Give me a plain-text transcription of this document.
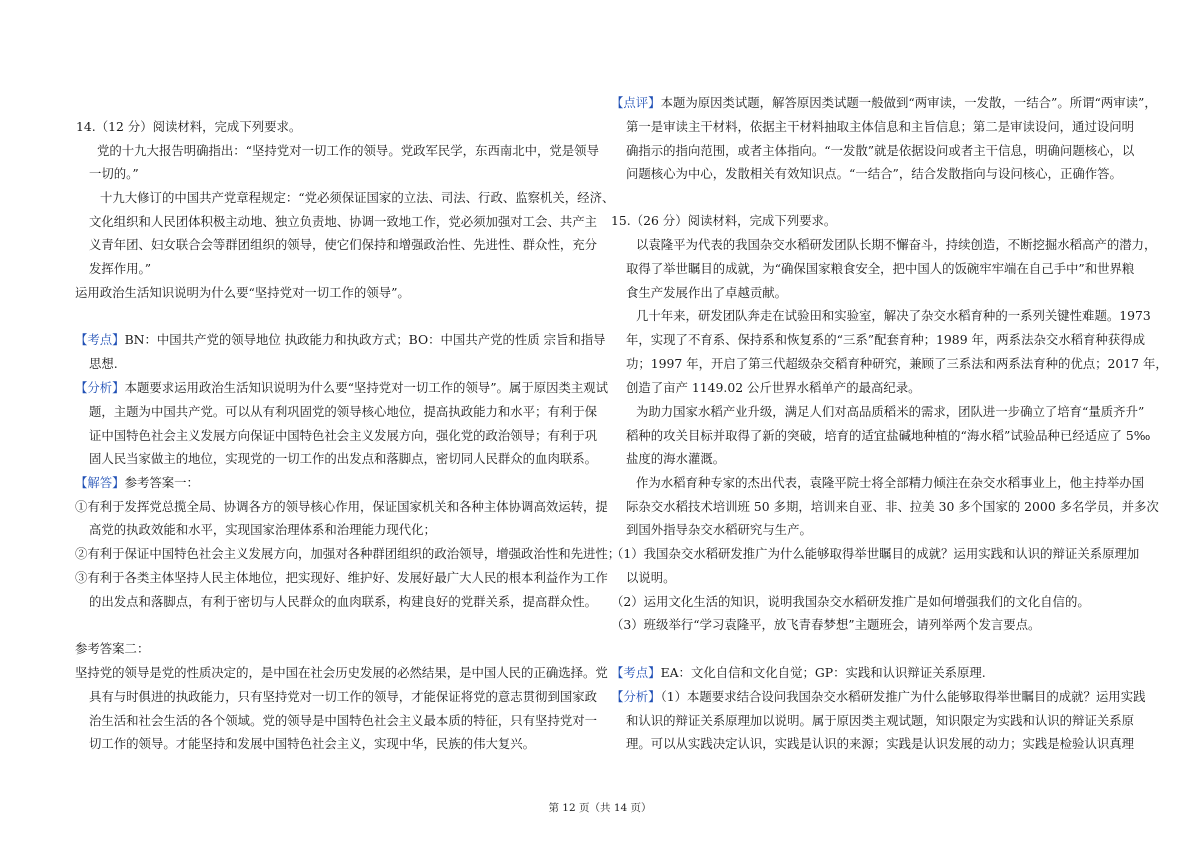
14.（12 分）阅读材料，完成下列要求。
党的十九大报告明确指出：“坚持党对一切工作的领导。党政军民学，东西南北中，党是领导
一切的。”
十九大修订的中国共产党章程规定：“党必须保证国家的立法、司法、行政、监察机关，经济、
文化组织和人民团体积极主动地、独立负责地、协调一致地工作，党必须加强对工会、共产主
义青年团、妇女联合会等群团组织的领导，使它们保持和增强政治性、先进性、群众性，充分
发挥作用。”
运用政治生活知识说明为什么要“坚持党对一切工作的领导”。
【考点】BN：中国共产党的领导地位 执政能力和执政方式；BO：中国共产党的性质 宗旨和指导
思想.
【分析】本题要求运用政治生活知识说明为什么要“坚持党对一切工作的领导”。属于原因类主观试
题，主题为中国共产党。可以从有利巩固党的领导核心地位，提高执政能力和水平；有利于保
证中国特色社会主义发展方向保证中国特色社会主义发展方向，强化党的政治领导；有利于巩
固人民当家做主的地位，实现党的一切工作的出发点和落脚点，密切同人民群众的血肉联系。
【解答】参考答案一：
①有利于发挥党总揽全局、协调各方的领导核心作用，保证国家机关和各种主体协调高效运转，提
高党的执政效能和水平，实现国家治理体系和治理能力现代化；
②有利于保证中国特色社会主义发展方向，加强对各种群团组织的政治领导，增强政治性和先进性；
③有利于各类主体坚持人民主体地位，把实现好、维护好、发展好最广大人民的根本利益作为工作
的出发点和落脚点，有利于密切与人民群众的血肉联系，构建良好的党群关系，提高群众性。
参考答案二：
坚持党的领导是党的性质决定的，是中国在社会历史发展的必然结果，是中国人民的正确选择。党
具有与时俱进的执政能力，只有坚持党对一切工作的领导，才能保证将党的意志贯彻到国家政
治生活和社会生活的各个领域。党的领导是中国特色社会主义最本质的特征，只有坚持党对一
切工作的领导。才能坚持和发展中国特色社会主义，实现中华，民族的伟大复兴。
【点评】本题为原因类试题，解答原因类试题一般做到“两审读，一发散，一结合”。所谓“两审读”，
第一是审读主干材料，依据主干材料抽取主体信息和主旨信息；第二是审读设问，通过设问明
确指示的指向范围，或者主体指向。“一发散”就是依据设问或者主干信息，明确问题核心，以
问题核心为中心，发散相关有效知识点。“一结合”，结合发散指向与设问核心，正确作答。
15.（26 分）阅读材料，完成下列要求。
以袁隆平为代表的我国杂交水稻研发团队长期不懈奋斗，持续创造，不断挖掘水稻高产的潜力，
取得了举世瞩目的成就，为“确保国家粮食安全，把中国人的饭碗牢牢端在自己手中”和世界粮
食生产发展作出了卓越贡献。
几十年来，研发团队奔走在试验田和实验室，解决了杂交水稻育种的一系列关键性难题。1973
年，实现了不育系、保持系和恢复系的“三系”配套育种；1989 年，两系法杂交水稻育种获得成
功；1997 年，开启了第三代超级杂交稻育种研究，兼顾了三系法和两系法育种的优点；2017 年，
创造了亩产 1149.02 公斤世界水稻单产的最高纪录。
为助力国家水稻产业升级，满足人们对高品质稻米的需求，团队进一步确立了培育“量质齐升”
稻种的攻关目标并取得了新的突破，培育的适宜盐碱地种植的“海水稻”试验品种已经适应了 5‰
盐度的海水灌溉。
作为水稻育种专家的杰出代表，袁隆平院士将全部精力倾注在杂交水稻事业上，他主持举办国
际杂交水稻技术培训班 50 多期，培训来自亚、非、拉美 30 多个国家的 2000 多名学员，并多次
到国外指导杂交水稻研究与生产。
（1）我国杂交水稻研发推广为什么能够取得举世瞩目的成就？运用实践和认识的辩证关系原理加
以说明。
（2）运用文化生活的知识，说明我国杂交水稻研发推广是如何增强我们的文化自信的。
（3）班级举行“学习袁隆平，放飞青春梦想”主题班会，请列举两个发言要点。
【考点】EA：文化自信和文化自觉；GP：实践和认识辩证关系原理.
【分析】（1）本题要求结合设问我国杂交水稻研发推广为什么能够取得举世瞩目的成就？运用实践
和认识的辩证关系原理加以说明。属于原因类主观试题，知识限定为实践和认识的辩证关系原
理。可以从实践决定认识，实践是认识的来源；实践是认识发展的动力；实践是检验认识真理
第 12 页（共 14 页）
